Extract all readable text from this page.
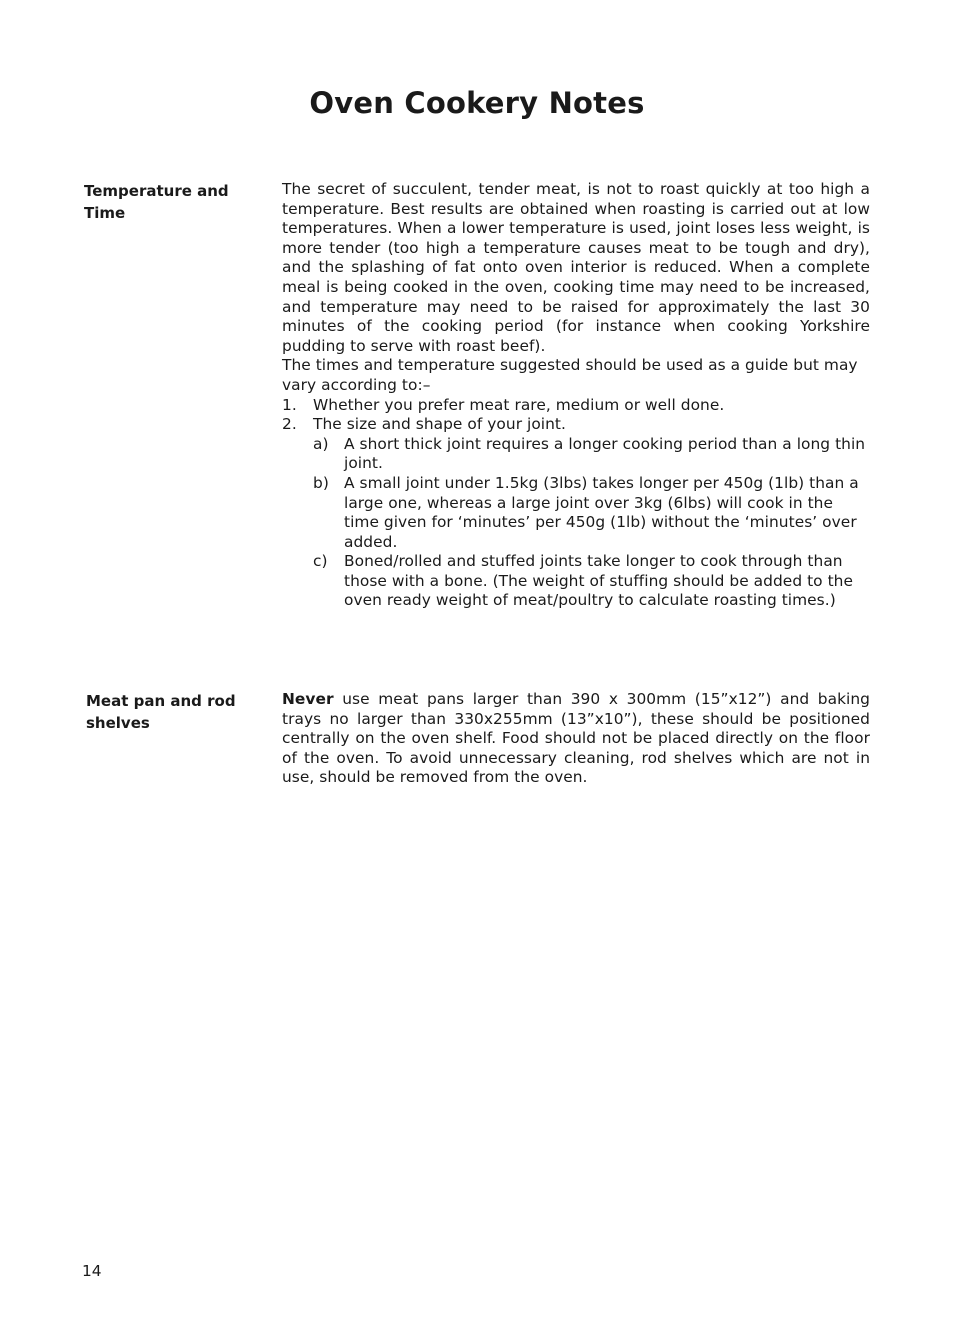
Oven Cookery Notes
Temperature and Time

The secret of succulent, tender meat, is not to roast quickly at too high a temperature. Best results are obtained when roasting is carried out at low temperatures. When a lower temperature is used, joint loses less weight, is more tender (too high a temperature causes meat to be tough and dry), and the splashing of fat onto oven interior is reduced. When a complete meal is being cooked in the oven, cooking time may need to be increased, and temperature may need to be raised for approximately the last 30 minutes of the cooking period (for instance when cooking Yorkshire pudding to serve with roast beef).

The times and temperature suggested should be used as a guide but may vary according to:–

1. Whether you prefer meat rare, medium or well done.
2. The size and shape of your joint.
a) A short thick joint requires a longer cooking period than a long thin joint.
b) A small joint under 1.5kg (3lbs) takes longer per 450g (1lb) than a large one, whereas a large joint over 3kg (6lbs) will cook in the time given for ‘minutes’ per 450g (1lb) without the ‘minutes’ over added.
c) Boned/rolled and stuffed joints take longer to cook through than those with a bone. (The weight of stuffing should be added to the oven ready weight of meat/poultry to calculate roasting times.)
Meat pan and rod shelves

Never use meat pans larger than 390 x 300mm (15”x12”) and baking trays no larger than 330x255mm (13”x10”), these should be positioned centrally on the oven shelf. Food should not be placed directly on the floor of the oven. To avoid unnecessary cleaning, rod shelves which are not in use, should be removed from the oven.

14
